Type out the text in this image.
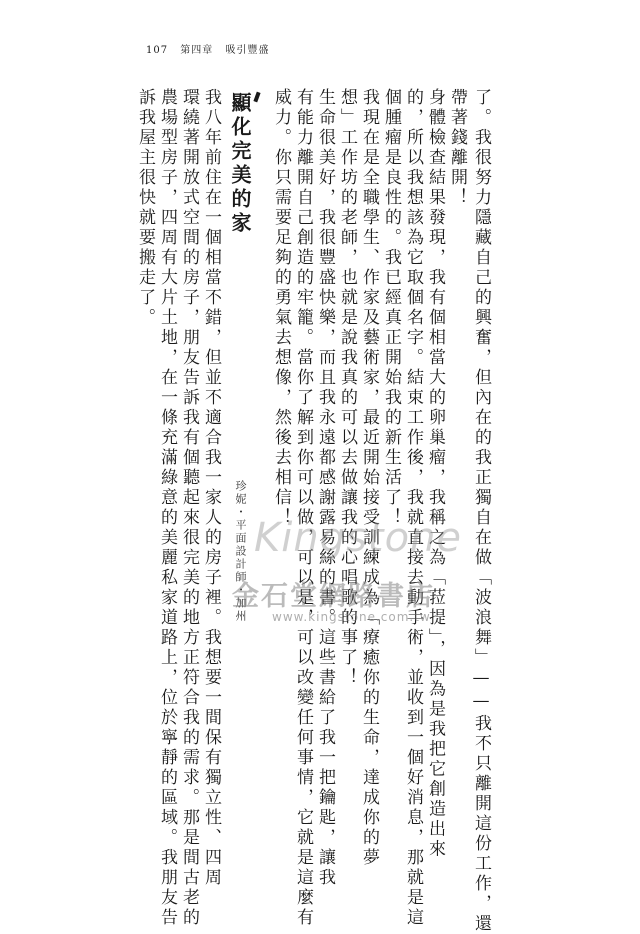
107 第四章 吸引豐盛
了。我很努力隱藏自己的興奮，但內在的我正獨自在做「波浪舞」——我不只離開這份工作，還
帶著錢離開！
身體檢查結果發現，我有個相當大的卵巢瘤，我稱之為「菈提」，因為是我把它創造出來
的，所以我想該為它取個名字。結束工作後，我就直接去動手術，並收到一個好消息，那就是這
個腫瘤是良性的。我已經真正開始我的新生活了！
我現在是全職學生、作家及藝術家，最近開始接受訓練成為「療癒你的生命，達成你的夢
想」工作坊的老師，也就是說我真的可以去做讓我的心唱歌的事了！
生命很美好，我很豐盛快樂，而且我永遠都感謝露易絲的書。這些書給了我一把鑰匙，讓我
有能力離開自己創造的牢籠。當你了解到你可以做，可以是，可以改變任何事情，它就是這麼有
威力。你只需要足夠的勇氣去想像，然後去相信！
珍妮・平面設計師・加州
顯化完美的家
我八年前住在一個相當不錯，但並不適合我一家人的房子裡。我想要一間保有獨立性、四周
環繞著開放式空間的房子，朋友告訴我有個聽起來很完美的地方正符合我的需求。那是間古老的
農場型房子，四周有大片土地，在一條充滿綠意的美麗私家道路上，位於寧靜的區域。我朋友告
訴我屋主很快就要搬走了。
Kingstone
金石堂網路書店
www.kingstone.com.tw
